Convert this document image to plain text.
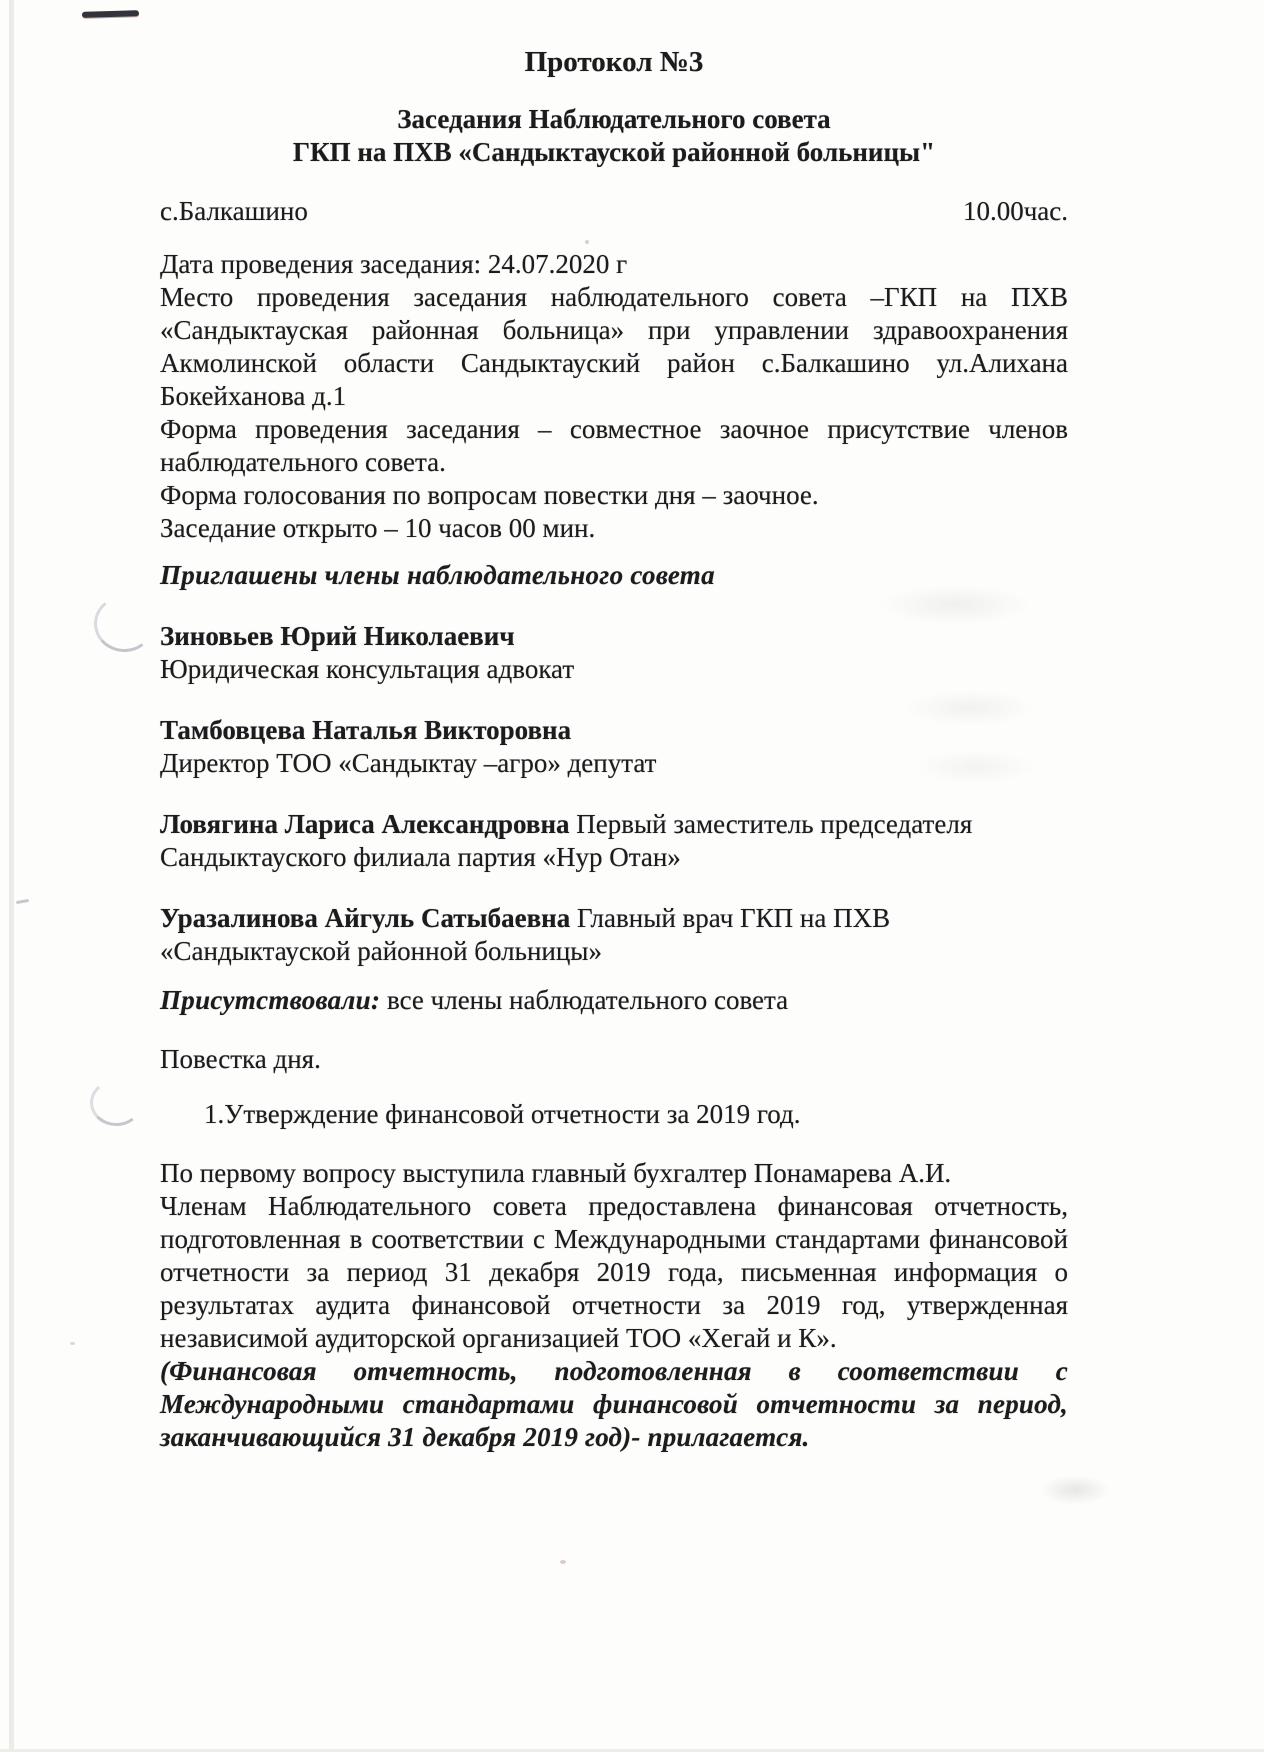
Протокол №3
Заседания Наблюдательного совета
ГКП на ПХВ «Сандыктауской районной больницы"
с.Балкашино	10.00час.
Дата проведения заседания: 24.07.2020 г
Место проведения заседания наблюдательного совета –ГКП на ПХВ
«Сандыктауская районная больница» при управлении здравоохранения
Акмолинской области Сандыктауский район с.Балкашино ул.Алихана
Бокейханова д.1
Форма проведения заседания – совместное заочное присутствие членов
наблюдательного совета.
Форма голосования по вопросам повестки дня – заочное.
Заседание открыто – 10 часов 00 мин.
Приглашены члены наблюдательного совета
Зиновьев Юрий Николаевич
Юридическая консультация адвокат
Тамбовцева Наталья Викторовна
Директор ТОО «Сандыктау –агро» депутат
Ловягина Лариса Александровна Первый заместитель председателя
Сандыктауского филиала партия «Нур Отан»
Уразалинова Айгуль Сатыбаевна Главный врач ГКП на ПХВ
«Сандыктауской районной больницы»
Присутствовали: все члены наблюдательного совета
Повестка дня.
1.Утверждение финансовой отчетности за 2019 год.
По первому вопросу выступила главный бухгалтер Понамарева А.И.
Членам Наблюдательного совета предоставлена финансовая отчетность,
подготовленная в соответствии с Международными стандартами финансовой
отчетности за период 31 декабря 2019 года, письменная информация о
результатах аудита финансовой отчетности за 2019 год, утвержденная
независимой аудиторской организацией ТОО «Хегай и К».
(Финансовая отчетность, подготовленная в соответствии с
Международными стандартами финансовой отчетности за период,
заканчивающийся 31 декабря 2019 год)- прилагается.
